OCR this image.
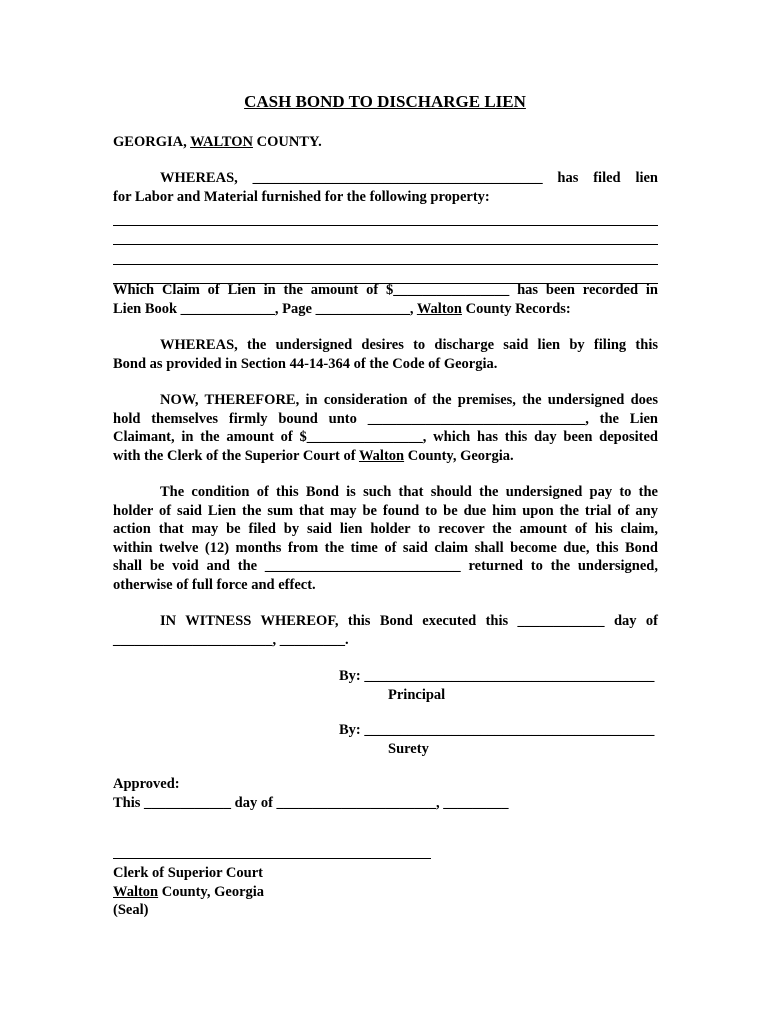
CASH BOND TO DISCHARGE LIEN
GEORGIA, WALTON COUNTY.
WHEREAS, ________________________________________ has filed lien
for Labor and Material furnished for the following property:
Which Claim of Lien in the amount of $________________ has been recorded in
Lien Book _____________, Page _____________, Walton County Records:
WHEREAS, the undersigned desires to discharge said lien by filing this
Bond as provided in Section 44-14-364 of the Code of Georgia.
NOW, THEREFORE, in consideration of the premises, the undersigned does
hold themselves firmly bound unto ______________________________, the Lien
Claimant, in the amount of $________________, which has this day been deposited
with the Clerk of the Superior Court of Walton County, Georgia.
The condition of this Bond is such that should the undersigned pay to the
holder of said Lien the sum that may be found to be due him upon the trial of any
action that may be filed by said lien holder to recover the amount of his claim,
within twelve (12) months from the time of said claim shall become due, this Bond
shall be void and the ___________________________ returned to the undersigned,
otherwise of full force and effect.
IN WITNESS WHEREOF, this Bond executed this ____________ day of
______________________, _________.
By: ________________________________________
Principal
By: ________________________________________
Surety
Approved:
This ____________ day of ______________________, _________
Clerk of Superior Court
Walton County, Georgia
(Seal)
